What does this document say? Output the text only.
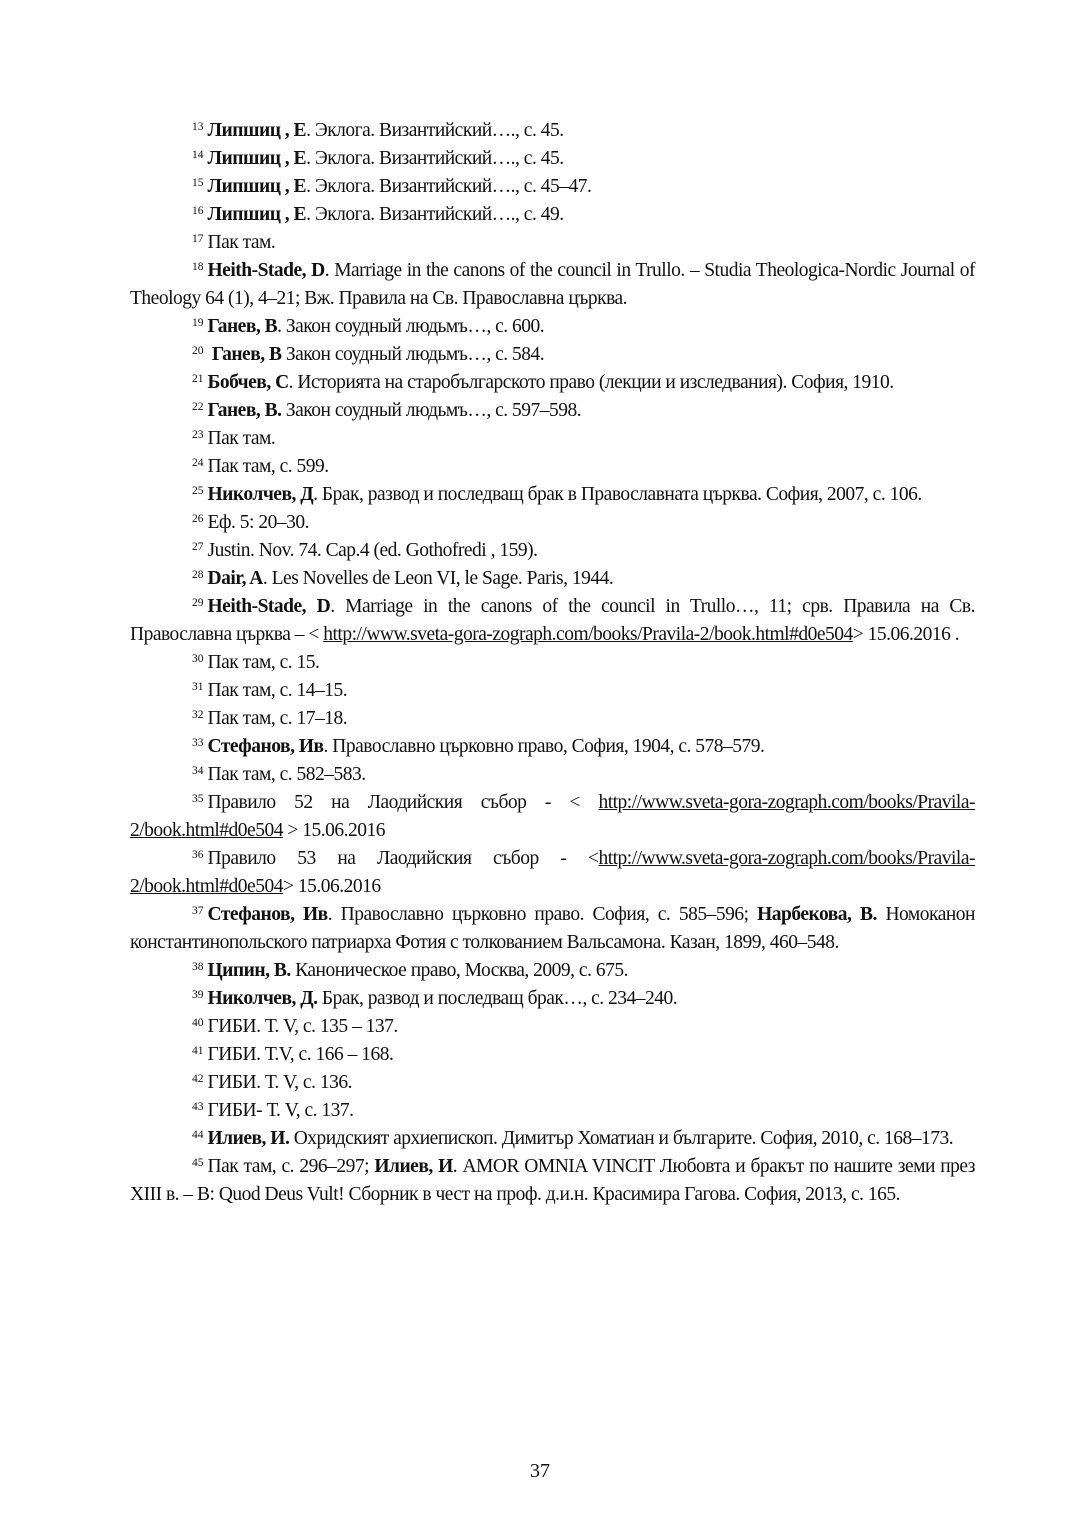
$^{13}$ Липшиц , Е. Эклога. Византийский…., с. 45.

$^{14}$ Липшиц , Е. Эклога. Византийский…., с. 45.

$^{15}$ Липшиц , Е. Эклога. Византийский…., с. 45–47.

$^{16}$ Липшиц , Е. Эклога. Византийский…., с. 49.

$^{17}$ Пак там.

$^{18}$ Heith-Stade, D. Marriage in the canons of the council in Trullo. – Studia Theologica-Nordic Journal of Theology 64 (1), 4–21; Вж. Правила на Св. Православна църква.

$^{19}$ Ганев, В. Закон соудный людьмъ…, с. 600.

$^{20}$ Ганев, В Закон соудный людьмъ…, с. 584.

$^{21}$ Бобчев, С. Историята на старобългарското право (лекции и изследвания). София, 1910.

$^{22}$ Ганев, В. Закон соудный людьмъ…, с. 597–598.

$^{23}$ Пак там.

$^{24}$ Пак там, с. 599.

$^{25}$ Николчев, Д. Брак, развод и последващ брак в Православната църква. София, 2007, с. 106.

$^{26}$ Еф. 5: 20–30.

$^{27}$ Justin. Nov. 74. Cap.4 (ed. Gothofredi , 159).

$^{28}$ Dair, A. Les Novelles de Leon VI, le Sage. Paris, 1944.

$^{29}$ Heith-Stade, D. Marriage in the canons of the council in Trullo…, 11; срв. Правила на Св. Православна църква – < http://www.sveta-gora-zograph.com/books/Pravila-2/book.html#d0e504> 15.06.2016 .

$^{30}$ Пак там, с. 15.

$^{31}$ Пак там, с. 14–15.

$^{32}$ Пак там, с. 17–18.

$^{33}$ Стефанов, Ив. Православно църковно право, София, 1904, с. 578–579.

$^{34}$ Пак там, с. 582–583.

$^{35}$ Правило 52 на Лаодийския събор - < http://www.sveta-gora-zograph.com/books/Pravila-2/book.html#d0e504 > 15.06.2016

$^{36}$ Правило 53 на Лаодийския събор - <http://www.sveta-gora-zograph.com/books/Pravila-2/book.html#d0e504> 15.06.2016

$^{37}$ Стефанов, Ив. Православно църковно право. София, с. 585–596; Нарбекова, В. Номоканон константинопольского патриарха Фотия с толкованием Вальсамона. Казан, 1899, 460–548.

$^{38}$ Ципин, В. Каноническое право, Москва, 2009, с. 675.

$^{39}$ Николчев, Д. Брак, развод и последващ брак…, с. 234–240.

$^{40}$ ГИБИ. Т. V, с. 135 – 137.

$^{41}$ ГИБИ. Т.V, с. 166 – 168.

$^{42}$ ГИБИ. Т. V, с. 136.

$^{43}$ ГИБИ- Т. V, с. 137.

$^{44}$ Илиев, И. Охридският архиепископ. Димитър Хоматиан и българите. София, 2010, с. 168–173.

$^{45}$ Пак там, с. 296–297; Илиев, И. AMOR OMNIA VINCIT Любовта и бракът по нашите земи през XIII в. – В: Quod Deus Vult! Сборник в чест на проф. д.и.н. Красимира Гагова. София, 2013, с. 165.

37
